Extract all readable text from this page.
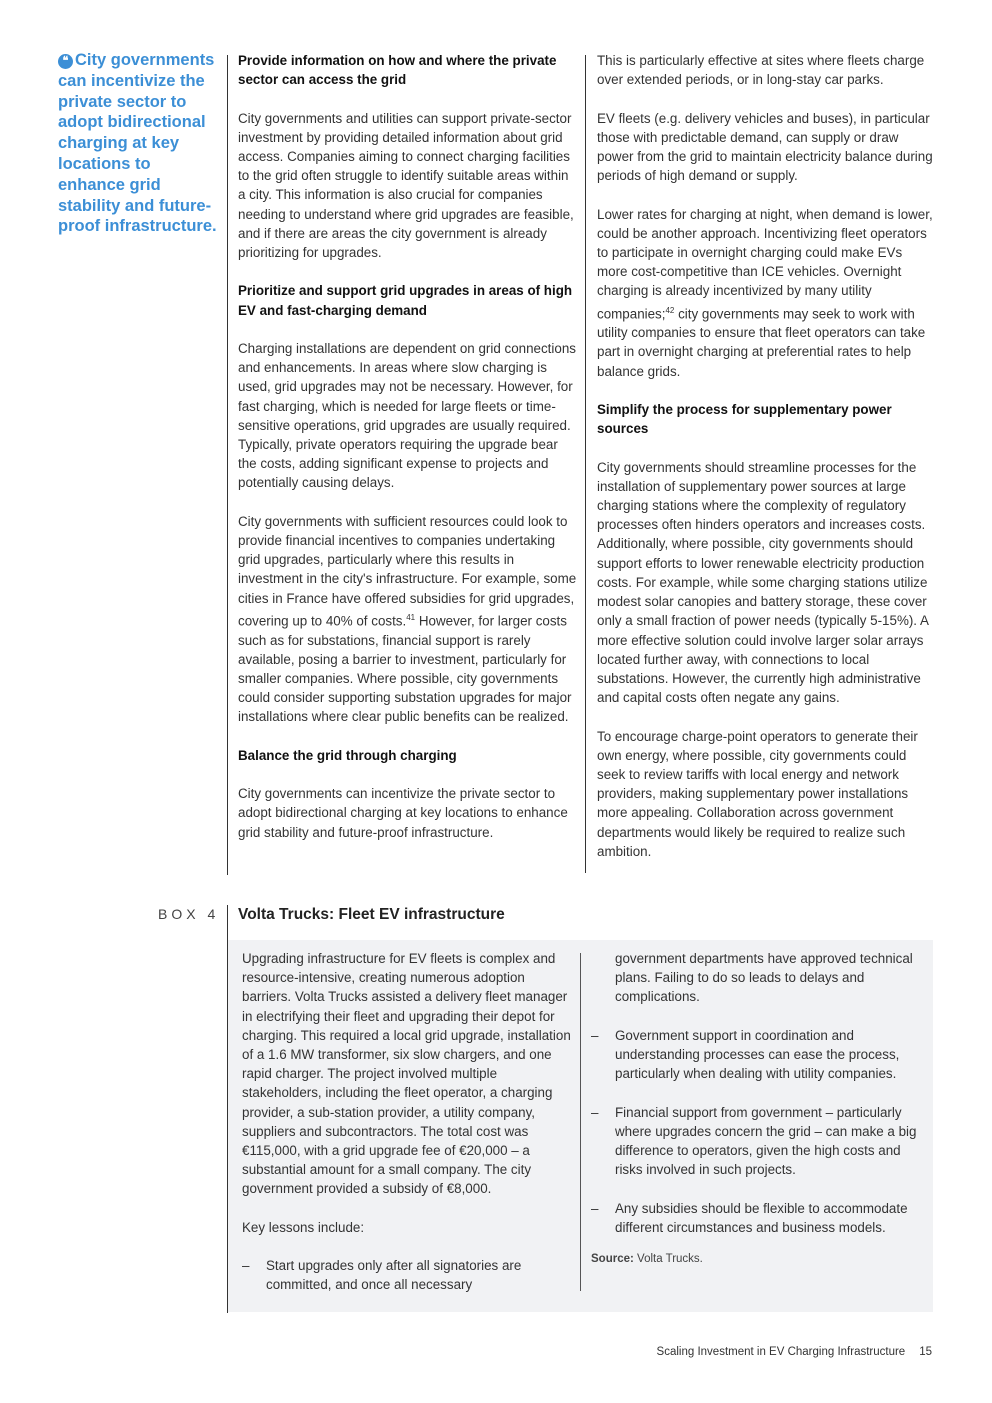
❝ City governments can incentivize the private sector to adopt bidirectional charging at key locations to enhance grid stability and future-proof infrastructure.
Provide information on how and where the private sector can access the grid

City governments and utilities can support private-sector investment by providing detailed information about grid access. Companies aiming to connect charging facilities to the grid often struggle to identify suitable areas within a city. This information is also crucial for companies needing to understand where grid upgrades are feasible, and if there are areas the city government is already prioritizing for upgrades.

Prioritize and support grid upgrades in areas of high EV and fast-charging demand

Charging installations are dependent on grid connections and enhancements. In areas where slow charging is used, grid upgrades may not be necessary. However, for fast charging, which is needed for large fleets or time-sensitive operations, grid upgrades are usually required. Typically, private operators requiring the upgrade bear the costs, adding significant expense to projects and potentially causing delays.

City governments with sufficient resources could look to provide financial incentives to companies undertaking grid upgrades, particularly where this results in investment in the city's infrastructure. For example, some cities in France have offered subsidies for grid upgrades, covering up to 40% of costs.$^{41}$ However, for larger costs such as for substations, financial support is rarely available, posing a barrier to investment, particularly for smaller companies. Where possible, city governments could consider supporting substation upgrades for major installations where clear public benefits can be realized.

Balance the grid through charging

City governments can incentivize the private sector to adopt bidirectional charging at key locations to enhance grid stability and future-proof infrastructure.

This is particularly effective at sites where fleets charge over extended periods, or in long-stay car parks.

EV fleets (e.g. delivery vehicles and buses), in particular those with predictable demand, can supply or draw power from the grid to maintain electricity balance during periods of high demand or supply.

Lower rates for charging at night, when demand is lower, could be another approach. Incentivizing fleet operators to participate in overnight charging could make EVs more cost-competitive than ICE vehicles. Overnight charging is already incentivized by many utility companies;$^{42}$ city governments may seek to work with utility companies to ensure that fleet operators can take part in overnight charging at preferential rates to help balance grids.

Simplify the process for supplementary power sources

City governments should streamline processes for the installation of supplementary power sources at large charging stations where the complexity of regulatory processes often hinders operators and increases costs. Additionally, where possible, city governments should support efforts to lower renewable electricity production costs. For example, while some charging stations utilize modest solar canopies and battery storage, these cover only a small fraction of power needs (typically 5-15%). A more effective solution could involve larger solar arrays located further away, with connections to local substations. However, the currently high administrative and capital costs often negate any gains.

To encourage charge-point operators to generate their own energy, where possible, city governments could seek to review tariffs with local energy and network providers, making supplementary power installations more appealing. Collaboration across government departments would likely be required to realize such ambition.

BOX 4 Volta Trucks: Fleet EV infrastructure

Upgrading infrastructure for EV fleets is complex and resource-intensive, creating numerous adoption barriers. Volta Trucks assisted a delivery fleet manager in electrifying their fleet and upgrading their depot for charging. This required a local grid upgrade, installation of a 1.6 MW transformer, six slow chargers, and one rapid charger. The project involved multiple stakeholders, including the fleet operator, a charging provider, a sub-station provider, a utility company, suppliers and subcontractors. The total cost was €115,000, with a grid upgrade fee of €20,000 – a substantial amount for a small company. The city government provided a subsidy of €8,000.

Key lessons include:

– Start upgrades only after all signatories are committed, and once all necessary
government departments have approved technical plans. Failing to do so leads to delays and complications.
– Government support in coordination and understanding processes can ease the process, particularly when dealing with utility companies.
– Financial support from government – particularly where upgrades concern the grid – can make a big difference to operators, given the high costs and risks involved in such projects.
– Any subsidies should be flexible to accommodate different circumstances and business models.
Source: Volta Trucks.
Scaling Investment in EV Charging Infrastructure 15
